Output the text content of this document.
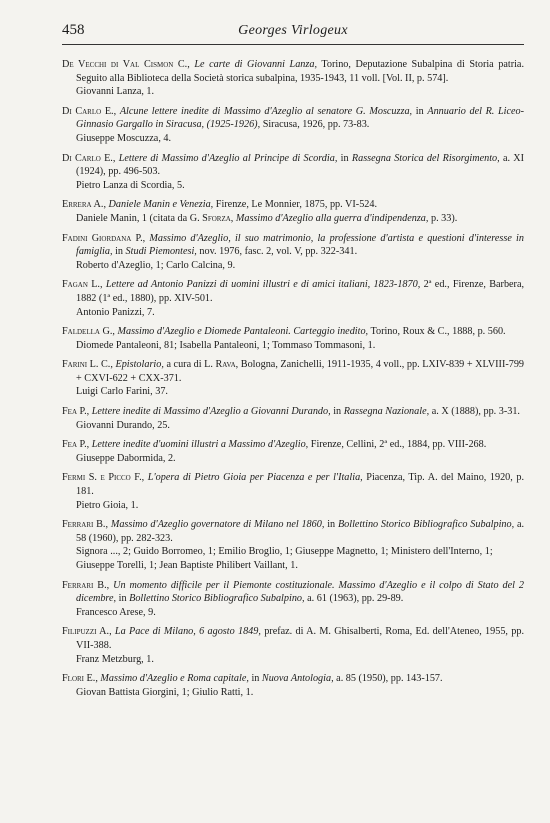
458	Georges Virlogeux
De Vecchi di Val Cismon C., Le carte di Giovanni Lanza, Torino, Deputazione Subalpina di Storia patria. Seguito alla Biblioteca della Società storica subalpina, 1935-1943, 11 voll. [Vol. II, p. 574].
Giovanni Lanza, 1.
Di Carlo E., Alcune lettere inedite di Massimo d'Azeglio al senatore G. Moscuzza, in Annuario del R. Liceo-Ginnasio Gargallo in Siracusa, (1925-1926), Siracusa, 1926, pp. 73-83.
Giuseppe Moscuzza, 4.
Di Carlo E., Lettere di Massimo d'Azeglio al Principe di Scordia, in Rassegna Storica del Risorgimento, a. XI (1924), pp. 496-503.
Pietro Lanza di Scordia, 5.
Errera A., Daniele Manin e Venezia, Firenze, Le Monnier, 1875, pp. VI-524.
Daniele Manin, 1 (citata da G. Sforza, Massimo d'Azeglio alla guerra d'indipendenza, p. 33).
Fadini Giordana P., Massimo d'Azeglio, il suo matrimonio, la professione d'artista e questioni d'interesse in famiglia, in Studi Piemontesi, nov. 1976, fasc. 2, vol. V, pp. 322-341.
Roberto d'Azeglio, 1; Carlo Calcina, 9.
Fagan L., Lettere ad Antonio Panizzi di uomini illustri e di amici italiani, 1823-1870, 2ª ed., Firenze, Barbera, 1882 (1ª ed., 1880), pp. XIV-501.
Antonio Panizzi, 7.
Faldella G., Massimo d'Azeglio e Diomede Pantaleoni. Carteggio inedito, Torino, Roux & C., 1888, p. 560.
Diomede Pantaleoni, 81; Isabella Pantaleoni, 1; Tommaso Tommasoni, 1.
Farini L. C., Epistolario, a cura di L. Rava, Bologna, Zanichelli, 1911-1935, 4 voll., pp. LXIV-839 + XLVIII-799 + CXVI-622 + CXX-371.
Luigi Carlo Farini, 37.
Fea P., Lettere inedite di Massimo d'Azeglio a Giovanni Durando, in Rassegna Nazionale, a. X (1888), pp. 3-31.
Giovanni Durando, 25.
Fea P., Lettere inedite d'uomini illustri a Massimo d'Azeglio, Firenze, Cellini, 2ª ed., 1884, pp. VIII-268.
Giuseppe Dabormida, 2.
Fermi S. e Picco F., L'opera di Pietro Gioia per Piacenza e per l'Italia, Piacenza, Tip. A. del Maino, 1920, p. 181.
Pietro Gioia, 1.
Ferrari B., Massimo d'Azeglio governatore di Milano nel 1860, in Bollettino Storico Bibliografico Subalpino, a. 58 (1960), pp. 282-323.
Signora ..., 2; Guido Borromeo, 1; Emilio Broglio, 1; Giuseppe Magnetto, 1; Ministero dell'Interno, 1; Giuseppe Torelli, 1; Jean Baptiste Philibert Vaillant, 1.
Ferrari B., Un momento difficile per il Piemonte costituzionale. Massimo d'Azeglio e il colpo di Stato del 2 dicembre, in Bollettino Storico Bibliografico Subalpino, a. 61 (1963), pp. 29-89.
Francesco Arese, 9.
Filipuzzi A., La Pace di Milano, 6 agosto 1849, prefaz. di A. M. Ghisalberti, Roma, Ed. dell'Ateneo, 1955, pp. VII-388.
Franz Metzburg, 1.
Flori E., Massimo d'Azeglio e Roma capitale, in Nuova Antologia, a. 85 (1950), pp. 143-157.
Giovan Battista Giorgini, 1; Giulio Ratti, 1.
